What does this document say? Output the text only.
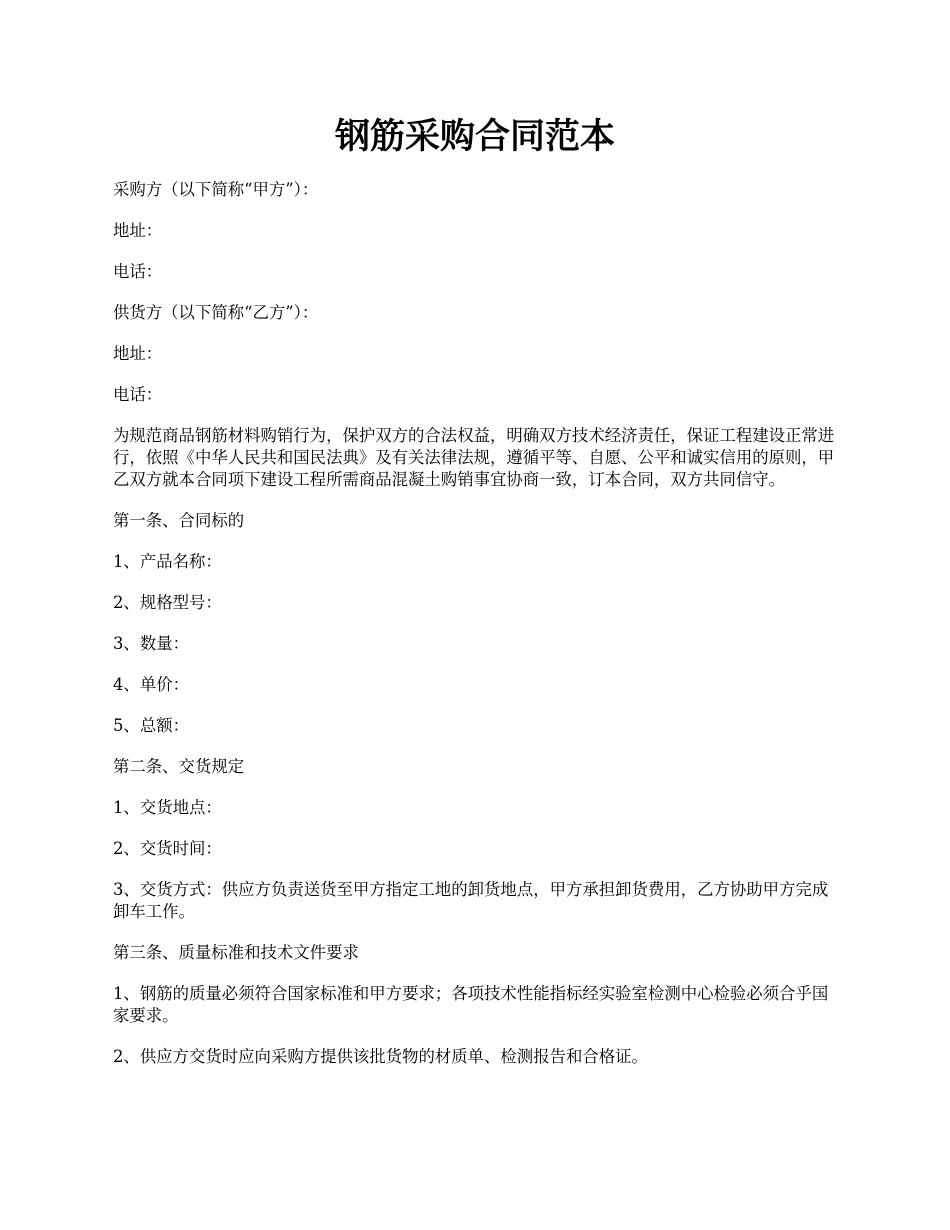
钢筋采购合同范本

采购方（以下简称“甲方”）：

地址：

电话：

供货方（以下简称“乙方”）：

地址：

电话：

为规范商品钢筋材料购销行为，保护双方的合法权益，明确双方技术经济责任，保证工程建设正常进行，依照《中华人民共和国民法典》及有关法律法规，遵循平等、自愿、公平和诚实信用的原则，甲乙双方就本合同项下建设工程所需商品混凝土购销事宜协商一致，订本合同，双方共同信守。

第一条、合同标的

1、产品名称：

2、规格型号：

3、数量：

4、单价：

5、总额：

第二条、交货规定

1、交货地点：

2、交货时间：

3、交货方式：供应方负责送货至甲方指定工地的卸货地点，甲方承担卸货费用，乙方协助甲方完成卸车工作。

第三条、质量标准和技术文件要求

1、钢筋的质量必须符合国家标准和甲方要求；各项技术性能指标经实验室检测中心检验必须合乎国家要求。

2、供应方交货时应向采购方提供该批货物的材质单、检测报告和合格证。
